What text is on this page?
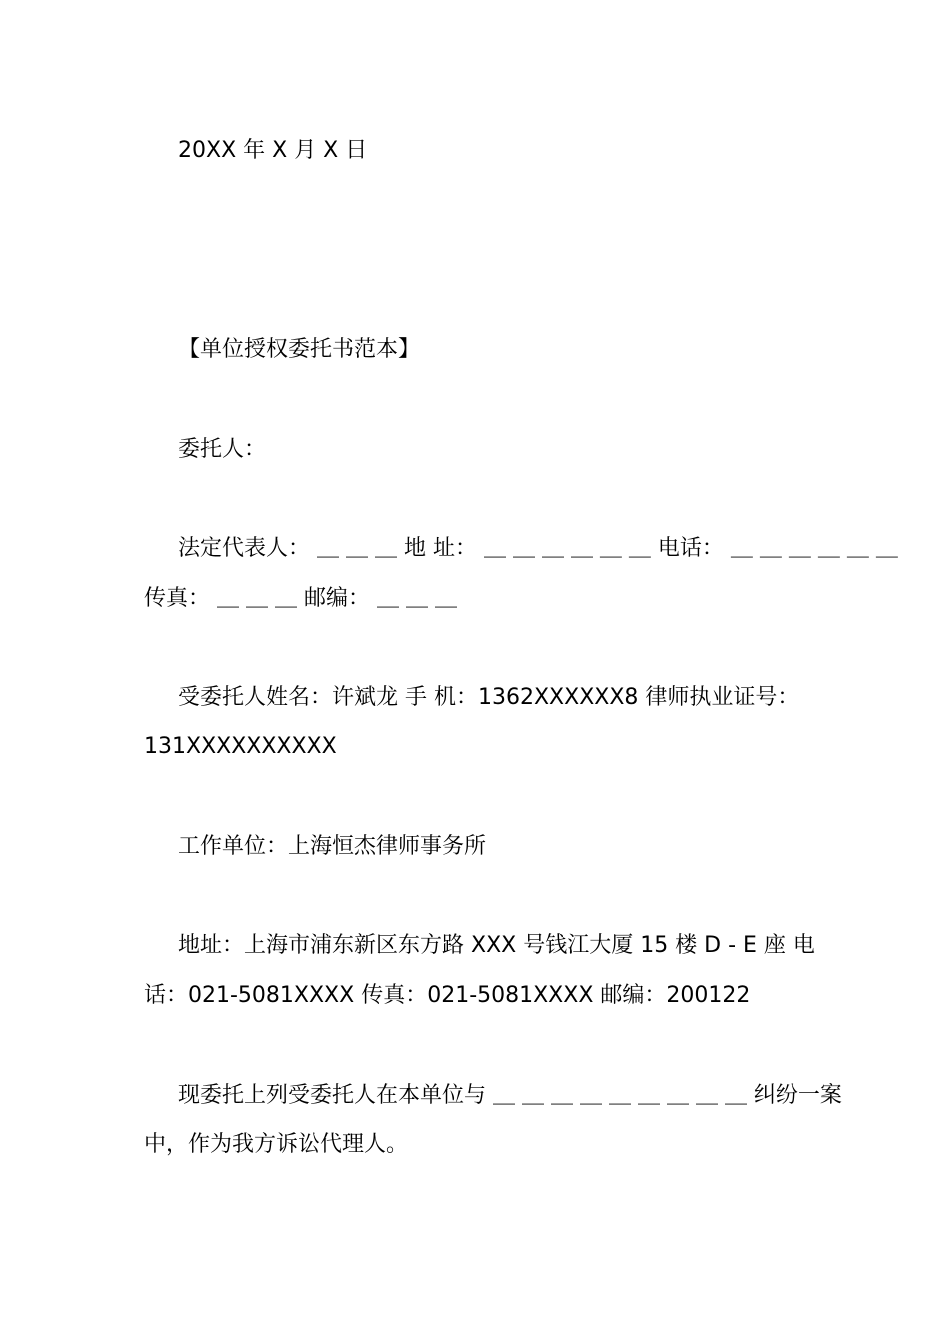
20XX 年 X 月 X 日

【单位授权委托书范本】

委托人：

法定代表人： ＿ ＿ ＿ 地 址： ＿ ＿ ＿ ＿ ＿ ＿ 电话： ＿ ＿ ＿ ＿ ＿ ＿

传真： ＿ ＿ ＿ 邮编： ＿ ＿ ＿

受委托人姓名：许斌龙 手 机：1362XXXXXX8 律师执业证号：

131XXXXXXXXXX

工作单位：上海恒杰律师事务所

地址：上海市浦东新区东方路 XXX 号钱江大厦 15 楼 D - E 座 电

话：021-5081XXXX 传真：021-5081XXXX 邮编：200122

现委托上列受委托人在本单位与 ＿ ＿ ＿ ＿ ＿ ＿ ＿ ＿ ＿ 纠纷一案

中，作为我方诉讼代理人。
